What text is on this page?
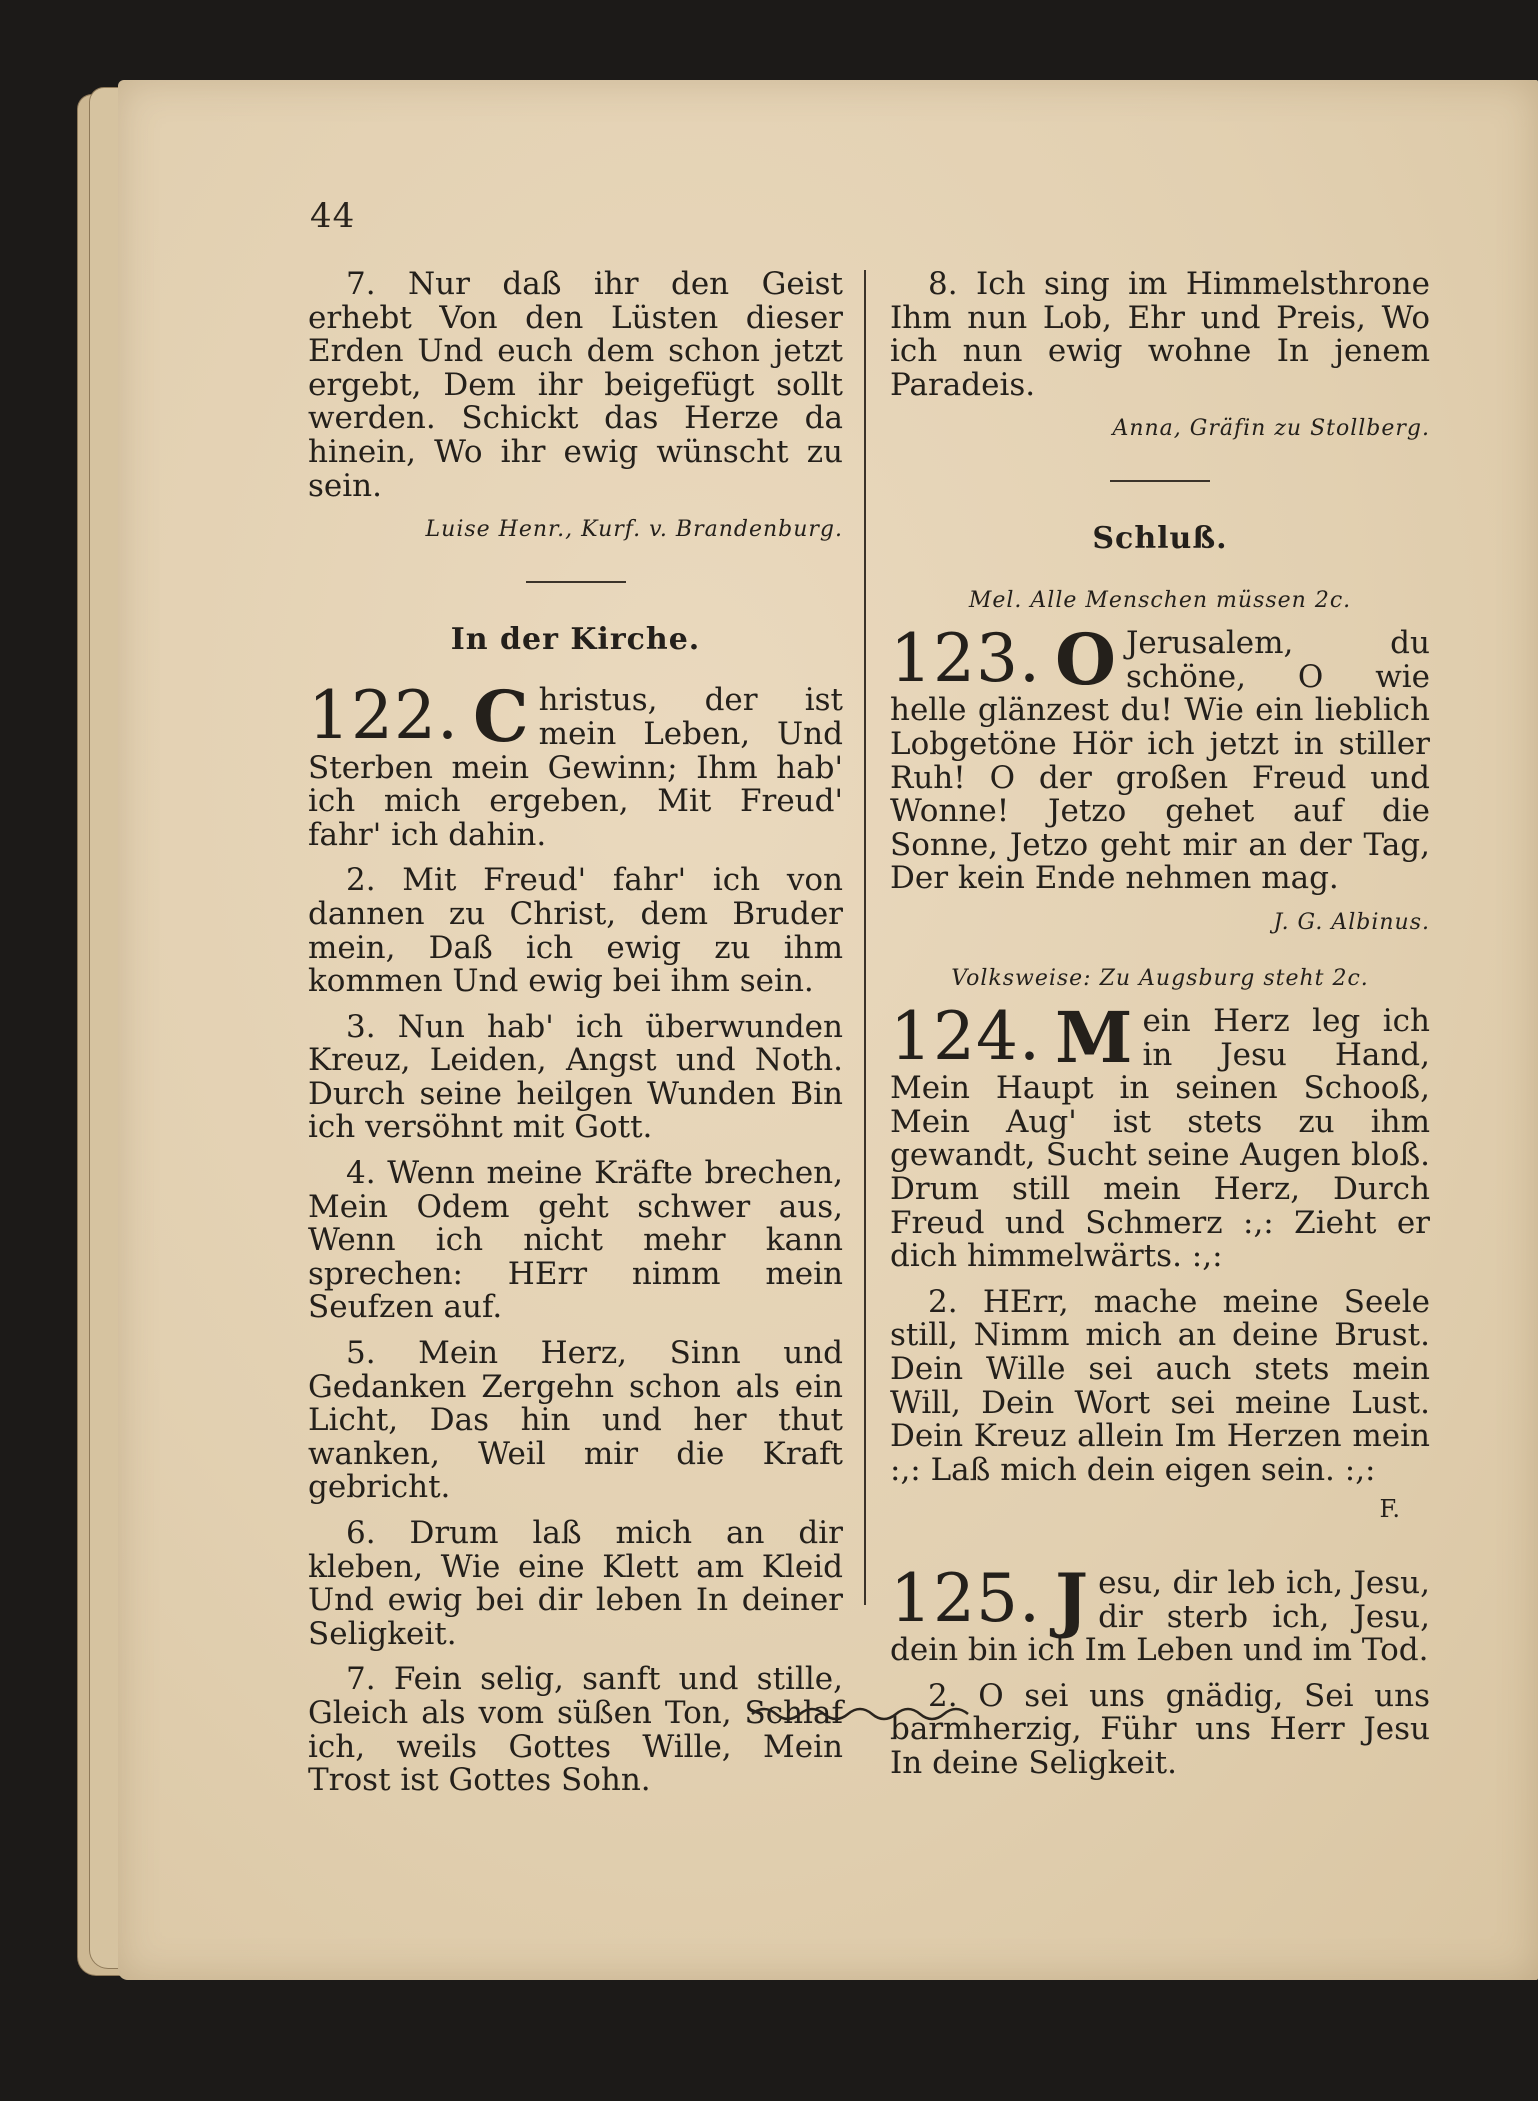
44

7. Nur daß ihr den Geist erhebt Von den Lüsten dieser Erden Und euch dem schon jetzt ergebt, Dem ihr beigefügt sollt werden. Schickt das Herze da hinein, Wo ihr ewig wünscht zu sein.

Luise Henr., Kurf. v. Brandenburg.

In der Kirche.

122. C hristus, der ist mein Leben, Und Sterben mein Gewinn; Ihm hab' ich mich ergeben, Mit Freud' fahr' ich dahin.

2. Mit Freud' fahr' ich von dannen zu Christ, dem Bruder mein, Daß ich ewig zu ihm kommen Und ewig bei ihm sein.

3. Nun hab' ich überwunden Kreuz, Leiden, Angst und Noth. Durch seine heilgen Wunden Bin ich versöhnt mit Gott.

4. Wenn meine Kräfte brechen, Mein Odem geht schwer aus, Wenn ich nicht mehr kann sprechen: HErr nimm mein Seufzen auf.

5. Mein Herz, Sinn und Gedanken Zergehn schon als ein Licht, Das hin und her thut wanken, Weil mir die Kraft gebricht.

6. Drum laß mich an dir kleben, Wie eine Klett am Kleid Und ewig bei dir leben In deiner Seligkeit.

7. Fein selig, sanft und stille, Gleich als vom süßen Ton, Schlaf ich, weils Gottes Wille, Mein Trost ist Gottes Sohn.

8. Ich sing im Himmelsthrone Ihm nun Lob, Ehr und Preis, Wo ich nun ewig wohne In jenem Paradeis.

Anna, Gräfin zu Stollberg.

Schluß.

Mel. Alle Menschen müssen 2c.

123. O Jerusalem, du schöne, O wie helle glänzest du! Wie ein lieblich Lobgetöne Hör ich jetzt in stiller Ruh! O der großen Freud und Wonne! Jetzo gehet auf die Sonne, Jetzo geht mir an der Tag, Der kein Ende nehmen mag.

J. G. Albinus.

Volksweise: Zu Augsburg steht 2c.

124. M ein Herz leg ich in Jesu Hand, Mein Haupt in seinen Schooß, Mein Aug' ist stets zu ihm gewandt, Sucht seine Augen bloß. Drum still mein Herz, Durch Freud und Schmerz :,: Zieht er dich himmelwärts. :,:

2. HErr, mache meine Seele still, Nimm mich an deine Brust. Dein Wille sei auch stets mein Will, Dein Wort sei meine Lust. Dein Kreuz allein Im Herzen mein :,: Laß mich dein eigen sein. :,:

F.

125. J esu, dir leb ich, Jesu, dir sterb ich, Jesu, dein bin ich Im Leben und im Tod.

2. O sei uns gnädig, Sei uns barmherzig, Führ uns Herr Jesu In deine Seligkeit.
